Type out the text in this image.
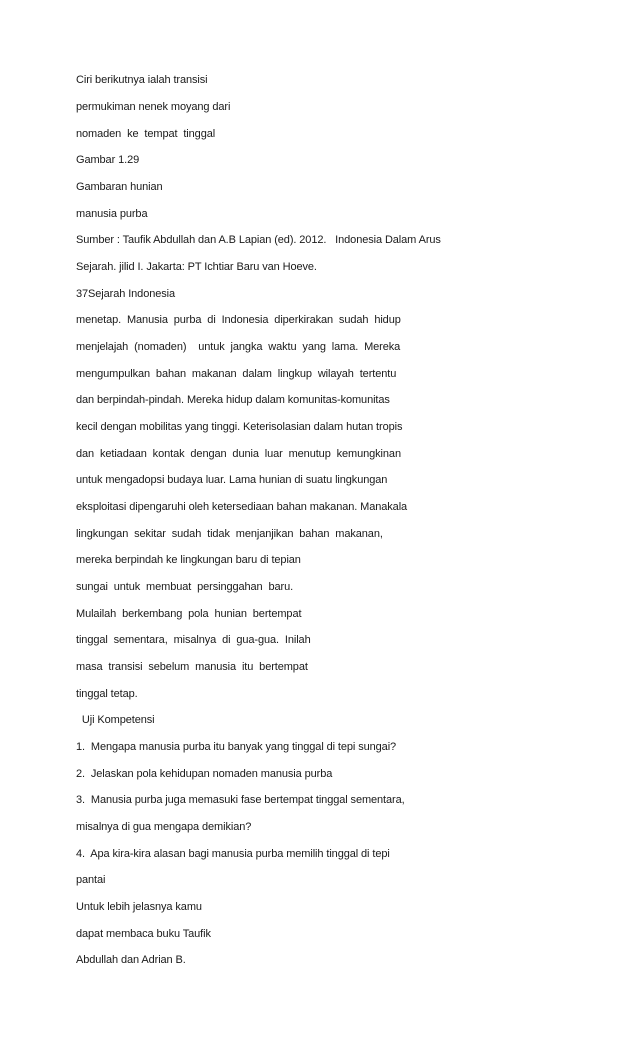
Ciri berikutnya ialah transisi
permukiman nenek moyang dari
nomaden  ke  tempat  tinggal
Gambar 1.29
Gambaran hunian
manusia purba
Sumber : Taufik Abdullah dan A.B Lapian (ed). 2012.   Indonesia Dalam Arus
Sejarah. jilid I. Jakarta: PT Ichtiar Baru van Hoeve.
37Sejarah Indonesia
menetap.  Manusia  purba  di  Indonesia  diperkirakan  sudah  hidup
menjelajah  (nomaden)    untuk  jangka  waktu  yang  lama.  Mereka
mengumpulkan  bahan  makanan  dalam  lingkup  wilayah  tertentu
dan berpindah-pindah. Mereka hidup dalam komunitas-komunitas
kecil dengan mobilitas yang tinggi. Keterisolasian dalam hutan tropis
dan  ketiadaan  kontak  dengan  dunia  luar  menutup  kemungkinan
untuk mengadopsi budaya luar. Lama hunian di suatu lingkungan
eksploitasi dipengaruhi oleh ketersediaan bahan makanan. Manakala
lingkungan  sekitar  sudah  tidak  menjanjikan  bahan  makanan,
mereka berpindah ke lingkungan baru di tepian
sungai  untuk  membuat  persinggahan  baru.
Mulailah  berkembang  pola  hunian  bertempat
tinggal  sementara,  misalnya  di  gua-gua.  Inilah
masa  transisi  sebelum  manusia  itu  bertempat
tinggal tetap.
Uji Kompetensi
1.  Mengapa manusia purba itu banyak yang tinggal di tepi sungai?
2.  Jelaskan pola kehidupan nomaden manusia purba
3.  Manusia purba juga memasuki fase bertempat tinggal sementara,
misalnya di gua mengapa demikian?
4.  Apa kira-kira alasan bagi manusia purba memilih tinggal di tepi
pantai
Untuk lebih jelasnya kamu
dapat membaca buku Taufik
Abdullah dan Adrian B.
